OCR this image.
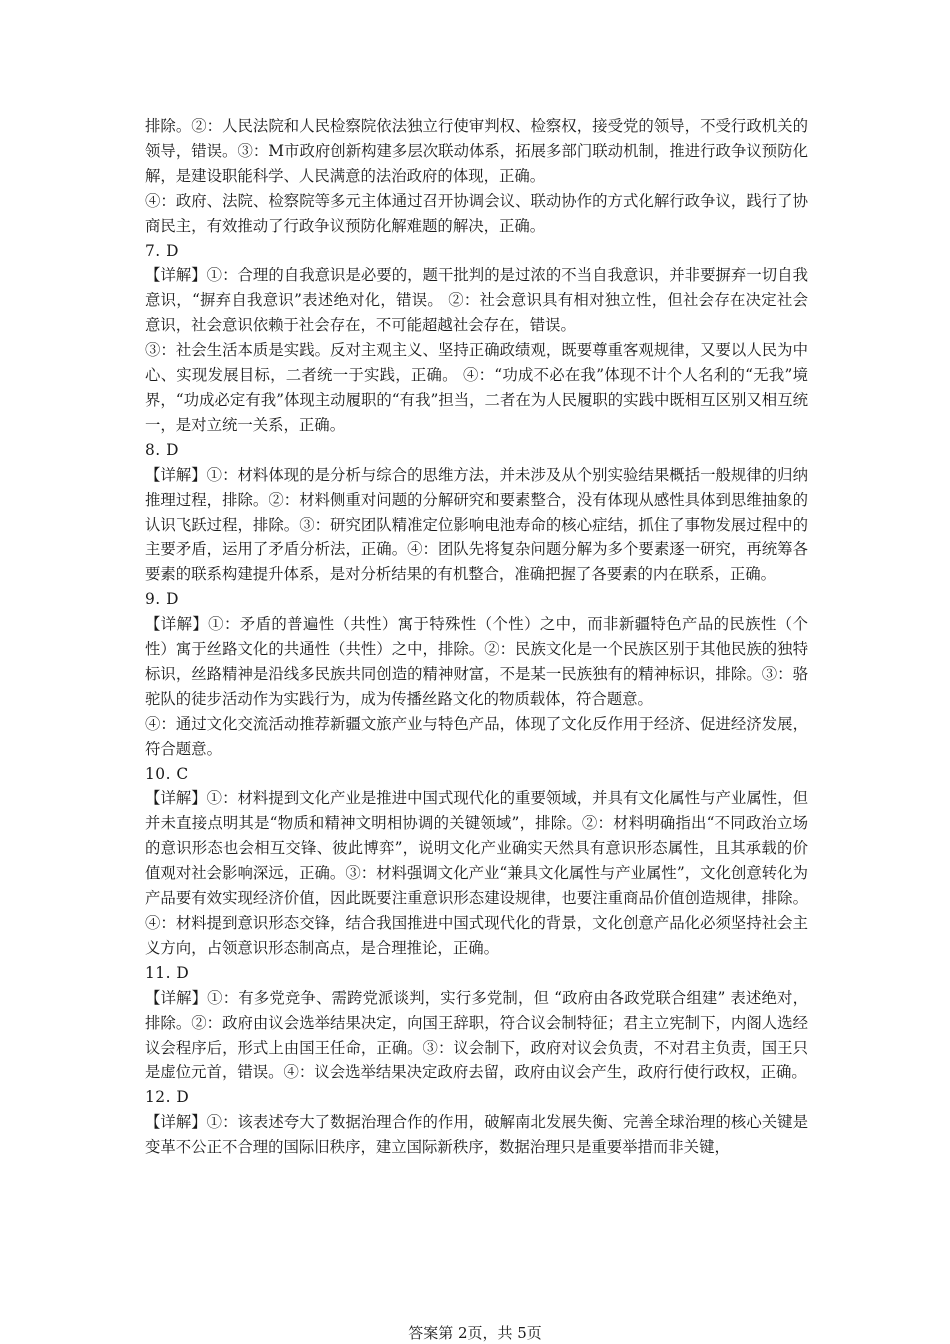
排除。②：人民法院和人民检察院依法独立行使审判权、检察权，接受党的领导，不受行政机关的领导，错误。③：M市政府创新构建多层次联动体系，拓展多部门联动机制，推进行政争议预防化解，是建设职能科学、人民满意的法治政府的体现，正确。

④：政府、法院、检察院等多元主体通过召开协调会议、联动协作的方式化解行政争议，践行了协商民主，有效推动了行政争议预防化解难题的解决，正确。

7. D

【详解】①：合理的自我意识是必要的，题干批判的是过浓的不当自我意识，并非要摒弃一切自我意识，“摒弃自我意识”表述绝对化，错误。 ②：社会意识具有相对独立性，但社会存在决定社会意识，社会意识依赖于社会存在，不可能超越社会存在，错误。

③：社会生活本质是实践。反对主观主义、坚持正确政绩观，既要尊重客观规律，又要以人民为中心、实现发展目标，二者统一于实践，正确。 ④：“功成不必在我”体现不计个人名利的“无我”境界，“功成必定有我”体现主动履职的“有我”担当，二者在为人民履职的实践中既相互区别又相互统一，是对立统一关系，正确。

8. D

【详解】①：材料体现的是分析与综合的思维方法，并未涉及从个别实验结果概括一般规律的归纳推理过程，排除。②：材料侧重对问题的分解研究和要素整合，没有体现从感性具体到思维抽象的认识飞跃过程，排除。③：研究团队精准定位影响电池寿命的核心症结，抓住了事物发展过程中的主要矛盾，运用了矛盾分析法，正确。④：团队先将复杂问题分解为多个要素逐一研究，再统筹各要素的联系构建提升体系，是对分析结果的有机整合，准确把握了各要素的内在联系，正确。

9. D

【详解】①：矛盾的普遍性（共性）寓于特殊性（个性）之中，而非新疆特色产品的民族性（个性）寓于丝路文化的共通性（共性）之中，排除。②：民族文化是一个民族区别于其他民族的独特标识，丝路精神是沿线多民族共同创造的精神财富，不是某一民族独有的精神标识，排除。③：骆驼队的徒步活动作为实践行为，成为传播丝路文化的物质载体，符合题意。

④：通过文化交流活动推荐新疆文旅产业与特色产品，体现了文化反作用于经济、促进经济发展，符合题意。

10. C

【详解】①：材料提到文化产业是推进中国式现代化的重要领域，并具有文化属性与产业属性，但并未直接点明其是“物质和精神文明相协调的关键领域”，排除。②：材料明确指出“不同政治立场的意识形态也会相互交锋、彼此博弈”，说明文化产业确实天然具有意识形态属性，且其承载的价值观对社会影响深远，正确。③：材料强调文化产业“兼具文化属性与产业属性”，文化创意转化为产品要有效实现经济价值，因此既要注重意识形态建设规律，也要注重商品价值创造规律，排除。④：材料提到意识形态交锋，结合我国推进中国式现代化的背景，文化创意产品化必须坚持社会主义方向，占领意识形态制高点，是合理推论，正确。

11. D

【详解】①：有多党竞争、需跨党派谈判，实行多党制，但 “政府由各政党联合组建” 表述绝对，排除。②：政府由议会选举结果决定，向国王辞职，符合议会制特征；君主立宪制下，内阁人选经议会程序后，形式上由国王任命，正确。③：议会制下，政府对议会负责，不对君主负责，国王只是虚位元首，错误。④：议会选举结果决定政府去留，政府由议会产生，政府行使行政权，正确。

12. D

【详解】①：该表述夸大了数据治理合作的作用，破解南北发展失衡、完善全球治理的核心关键是变革不公正不合理的国际旧秩序，建立国际新秩序，数据治理只是重要举措而非关键，

答案第 2页，共 5页
